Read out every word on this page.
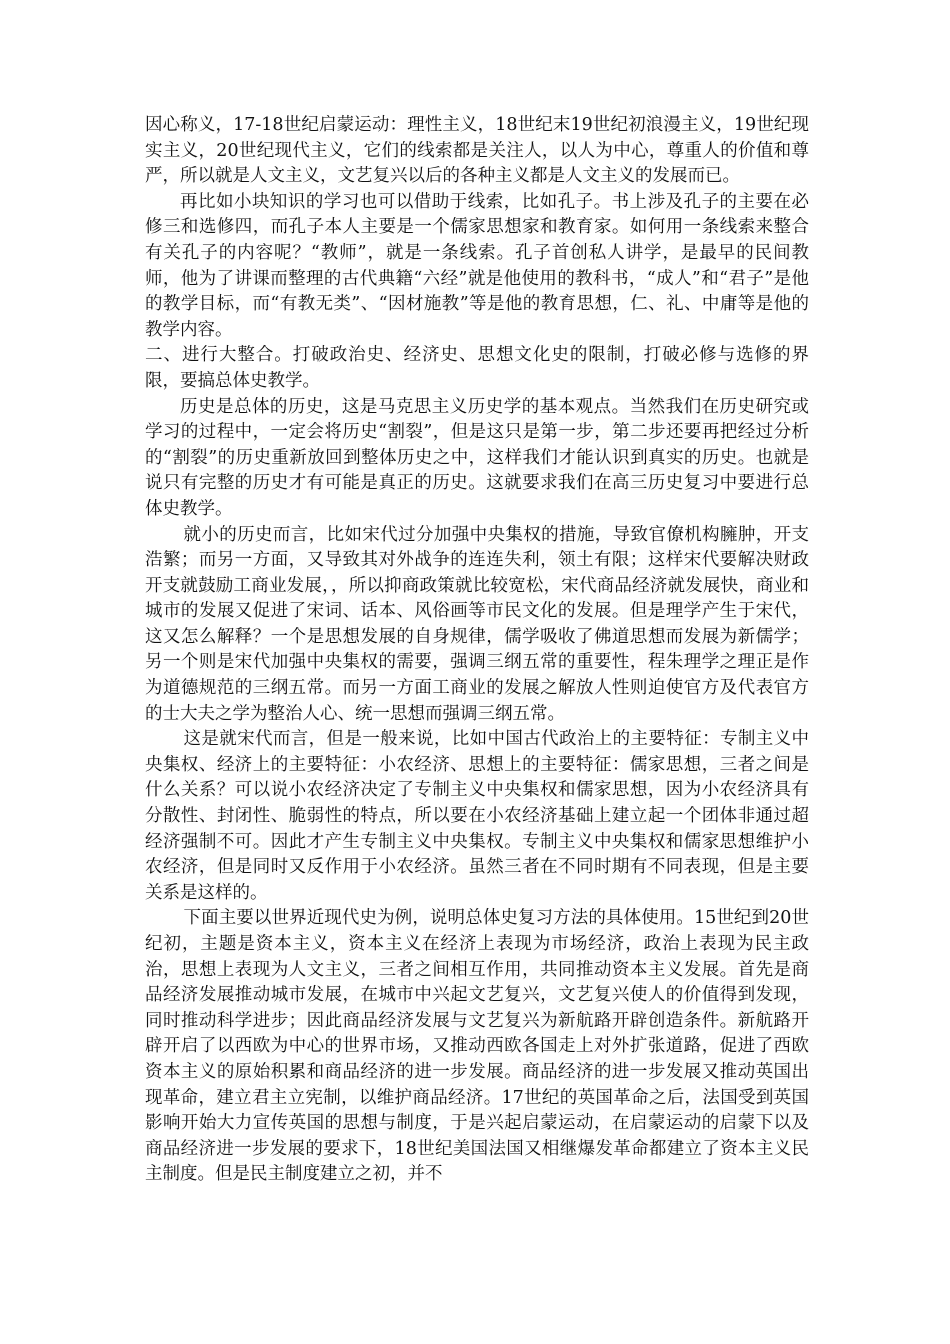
因心称义，17-18世纪启蒙运动：理性主义，18世纪末19世纪初浪漫主义，19世纪现实主义，20世纪现代主义，它们的线索都是关注人，以人为中心，尊重人的价值和尊严，所以就是人文主义，文艺复兴以后的各种主义都是人文主义的发展而已。

再比如小块知识的学习也可以借助于线索，比如孔子。书上涉及孔子的主要在必修三和选修四，而孔子本人主要是一个儒家思想家和教育家。如何用一条线索来整合有关孔子的内容呢？“教师”，就是一条线索。孔子首创私人讲学，是最早的民间教师，他为了讲课而整理的古代典籍“六经”就是他使用的教科书，“成人”和“君子”是他的教学目标，而“有教无类”、“因材施教”等是他的教育思想，仁、礼、中庸等是他的教学内容。

二、进行大整合。打破政治史、经济史、思想文化史的限制，打破必修与选修的界限，要搞总体史教学。

历史是总体的历史，这是马克思主义历史学的基本观点。当然我们在历史研究或学习的过程中，一定会将历史“割裂”，但是这只是第一步，第二步还要再把经过分析的“割裂”的历史重新放回到整体历史之中，这样我们才能认识到真实的历史。也就是说只有完整的历史才有可能是真正的历史。这就要求我们在高三历史复习中要进行总体史教学。

就小的历史而言，比如宋代过分加强中央集权的措施，导致官僚机构臃肿，开支浩繁；而另一方面，又导致其对外战争的连连失利，领土有限；这样宋代要解决财政开支就鼓励工商业发展，，所以抑商政策就比较宽松，宋代商品经济就发展快，商业和城市的发展又促进了宋词、话本、风俗画等市民文化的发展。但是理学产生于宋代，这又怎么解释？一个是思想发展的自身规律，儒学吸收了佛道思想而发展为新儒学；另一个则是宋代加强中央集权的需要，强调三纲五常的重要性，程朱理学之理正是作为道德规范的三纲五常。而另一方面工商业的发展之解放人性则迫使官方及代表官方的士大夫之学为整治人心、统一思想而强调三纲五常。

这是就宋代而言，但是一般来说，比如中国古代政治上的主要特征：专制主义中央集权、经济上的主要特征：小农经济、思想上的主要特征：儒家思想，三者之间是什么关系？可以说小农经济决定了专制主义中央集权和儒家思想，因为小农经济具有分散性、封闭性、脆弱性的特点，所以要在小农经济基础上建立起一个团体非通过超经济强制不可。因此才产生专制主义中央集权。专制主义中央集权和儒家思想维护小农经济，但是同时又反作用于小农经济。虽然三者在不同时期有不同表现，但是主要关系是这样的。

下面主要以世界近现代史为例，说明总体史复习方法的具体使用。15世纪到20世纪初，主题是资本主义，资本主义在经济上表现为市场经济，政治上表现为民主政治，思想上表现为人文主义，三者之间相互作用，共同推动资本主义发展。首先是商品经济发展推动城市发展，在城市中兴起文艺复兴，文艺复兴使人的价值得到发现，同时推动科学进步；因此商品经济发展与文艺复兴为新航路开辟创造条件。新航路开辟开启了以西欧为中心的世界市场，又推动西欧各国走上对外扩张道路，促进了西欧资本主义的原始积累和商品经济的进一步发展。商品经济的进一步发展又推动英国出现革命，建立君主立宪制，以维护商品经济。17世纪的英国革命之后，法国受到英国影响开始大力宣传英国的思想与制度，于是兴起启蒙运动，在启蒙运动的启蒙下以及商品经济进一步发展的要求下，18世纪美国法国又相继爆发革命都建立了资本主义民主制度。但是民主制度建立之初，并不
